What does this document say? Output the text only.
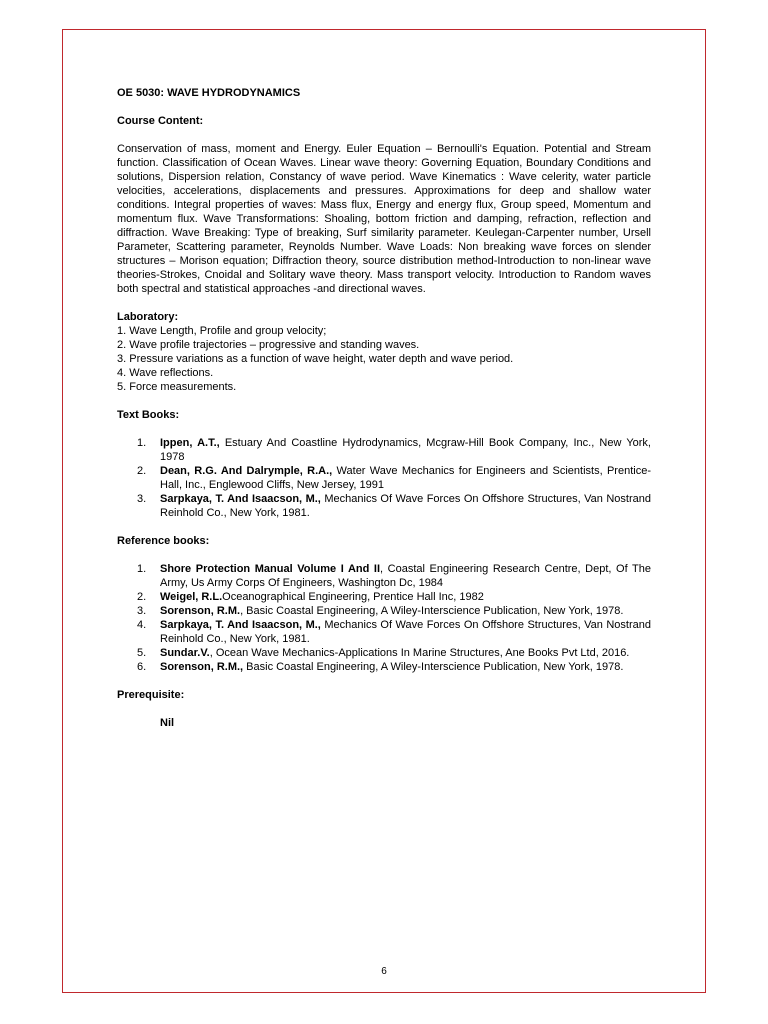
OE 5030: WAVE HYDRODYNAMICS

Course Content:

Conservation of mass, moment and Energy. Euler Equation – Bernoulli's Equation. Potential and Stream function. Classification of Ocean Waves. Linear wave theory: Governing Equation, Boundary Conditions and solutions, Dispersion relation, Constancy of wave period. Wave Kinematics : Wave celerity, water particle velocities, accelerations, displacements and pressures. Approximations for deep and shallow water conditions. Integral properties of waves: Mass flux, Energy and energy flux, Group speed, Momentum and momentum flux. Wave Transformations: Shoaling, bottom friction and damping, refraction, reflection and diffraction. Wave Breaking: Type of breaking, Surf similarity parameter. Keulegan-Carpenter number, Ursell Parameter, Scattering parameter, Reynolds Number. Wave Loads: Non breaking wave forces on slender structures – Morison equation; Diffraction theory, source distribution method-Introduction to non-linear wave theories-Strokes, Cnoidal and Solitary wave theory. Mass transport velocity. Introduction to Random waves both spectral and statistical approaches -and directional waves.

Laboratory:

1. Wave Length, Profile and group velocity;
2. Wave profile trajectories – progressive and standing waves.
3. Pressure variations as a function of wave height, water depth and wave period.
4. Wave reflections.
5. Force measurements.

Text Books:

1. Ippen, A.T., Estuary And Coastline Hydrodynamics, Mcgraw-Hill Book Company, Inc., New York, 1978
2. Dean, R.G. And Dalrymple, R.A., Water Wave Mechanics for Engineers and Scientists, Prentice-Hall, Inc., Englewood Cliffs, New Jersey, 1991
3. Sarpkaya, T. And Isaacson, M., Mechanics Of Wave Forces On Offshore Structures, Van Nostrand Reinhold Co., New York, 1981.

Reference books:

1. Shore Protection Manual Volume I And II, Coastal Engineering Research Centre, Dept, Of The Army, Us Army Corps Of Engineers, Washington Dc, 1984
2. Weigel, R.L.Oceanographical Engineering, Prentice Hall Inc, 1982
3. Sorenson, R.M., Basic Coastal Engineering, A Wiley-Interscience Publication, New York, 1978.
4. Sarpkaya, T. And Isaacson, M., Mechanics Of Wave Forces On Offshore Structures, Van Nostrand Reinhold Co., New York, 1981.
5. Sundar.V., Ocean Wave Mechanics-Applications In Marine Structures, Ane Books Pvt Ltd, 2016.
6. Sorenson, R.M., Basic Coastal Engineering, A Wiley-Interscience Publication, New York, 1978.

Prerequisite:

Nil

6
